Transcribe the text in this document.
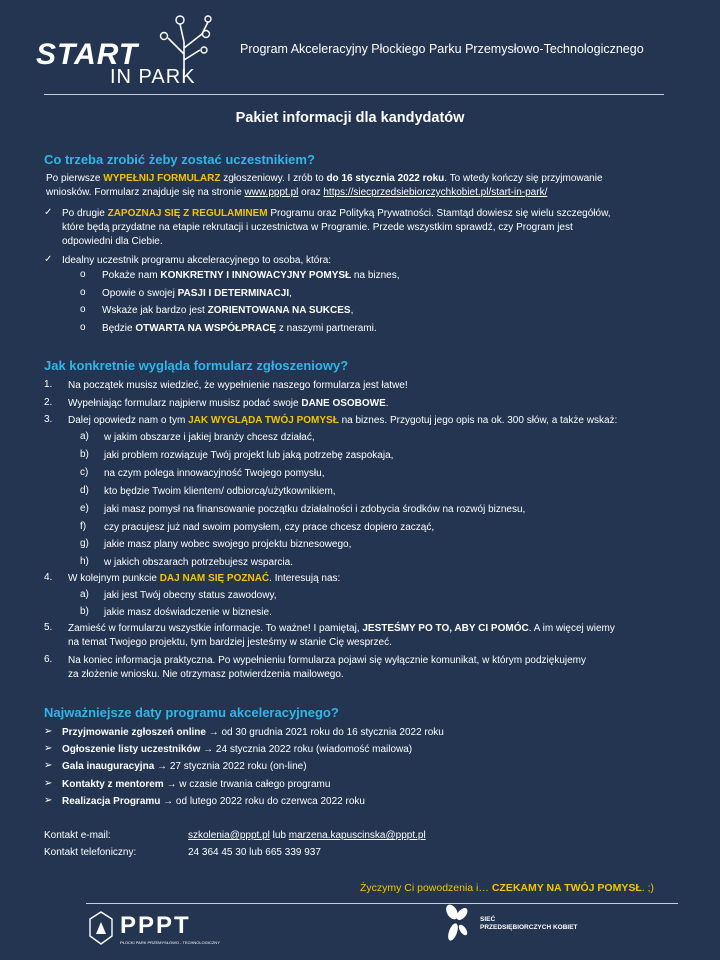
START
IN PARK
Program Akceleracyjny Płockiego Parku Przemysłowo-Technologicznego
Pakiet informacji dla kandydatów
Co trzeba zrobić żeby zostać uczestnikiem?
Po pierwsze WYPEŁNIJ FORMULARZ zgłoszeniowy. I zrób to do 16 stycznia 2022 roku. To wtedy kończy się przyjmowanie
wniosków. Formularz znajduje się na stronie www.pppt.pl oraz https://siecprzedsiebiorczychkobiet.pl/start-in-park/
✓ Po drugie ZAPOZNAJ SIĘ Z REGULAMINEM Programu oraz Polityką Prywatności. Stamtąd dowiesz się wielu szczegółów,
które będą przydatne na etapie rekrutacji i uczestnictwa w Programie. Przede wszystkim sprawdź, czy Program jest
odpowiedni dla Ciebie.
✓ Idealny uczestnik programu akceleracyjnego to osoba, która:
o Pokaże nam KONKRETNY I INNOWACYJNY POMYSŁ na biznes,
o Opowie o swojej PASJI I DETERMINACJI,
o Wskaże jak bardzo jest ZORIENTOWANA NA SUKCES,
o Będzie OTWARTA NA WSPÓŁPRACĘ z naszymi partnerami.
Jak konkretnie wygląda formularz zgłoszeniowy?
1. Na początek musisz wiedzieć, że wypełnienie naszego formularza jest łatwe!
2. Wypełniając formularz najpierw musisz podać swoje DANE OSOBOWE.
3. Dalej opowiedz nam o tym JAK WYGLĄDA TWÓJ POMYSŁ na biznes. Przygotuj jego opis na ok. 300 słów, a także wskaż:
a) w jakim obszarze i jakiej branży chcesz działać,
b) jaki problem rozwiązuje Twój projekt lub jaką potrzebę zaspokaja,
c) na czym polega innowacyjność Twojego pomysłu,
d) kto będzie Twoim klientem/ odbiorcą/użytkownikiem,
e) jaki masz pomysł na finansowanie początku działalności i zdobycia środków na rozwój biznesu,
f) czy pracujesz już nad swoim pomysłem, czy prace chcesz dopiero zacząć,
g) jakie masz plany wobec swojego projektu biznesowego,
h) w jakich obszarach potrzebujesz wsparcia.
4. W kolejnym punkcie DAJ NAM SIĘ POZNAĆ. Interesują nas:
a) jaki jest Twój obecny status zawodowy,
b) jakie masz doświadczenie w biznesie.
5. Zamieść w formularzu wszystkie informacje. To ważne! I pamiętaj, JESTEŚMY PO TO, ABY CI POMÓC. A im więcej wiemy
na temat Twojego projektu, tym bardziej jesteśmy w stanie Cię wesprzeć.
6. Na koniec informacja praktyczna. Po wypełnieniu formularza pojawi się wyłącznie komunikat, w którym podziękujemy
za złożenie wniosku. Nie otrzymasz potwierdzenia mailowego.
Najważniejsze daty programu akceleracyjnego?
➢ Przyjmowanie zgłoszeń online → od 30 grudnia 2021 roku do 16 stycznia 2022 roku
➢ Ogłoszenie listy uczestników → 24 stycznia 2022 roku (wiadomość mailowa)
➢ Gala inauguracyjna → 27 stycznia 2022 roku (on-line)
➢ Kontakty z mentorem → w czasie trwania całego programu
➢ Realizacja Programu → od lutego 2022 roku do czerwca 2022 roku
Kontakt e-mail:	szkolenia@pppt.pl lub marzena.kapuscinska@pppt.pl
Kontakt telefoniczny:	24 364 45 30 lub 665 339 937
Życzymy Ci powodzenia i… CZEKAMY NA TWÓJ POMYSŁ. ;)
PPPT
PŁOCKI PARK PRZEMYSŁOWO - TECHNOLOGICZNY
SIEĆ
PRZEDSIĘBIORCZYCH KOBIET
